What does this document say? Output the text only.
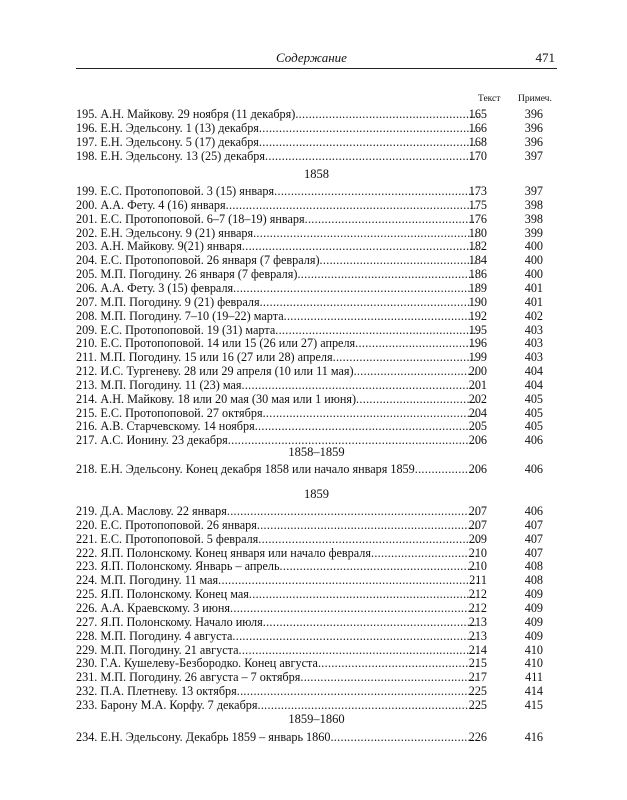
Содержание	471
Текст Примеч.
195. А.Н. Майкову. 29 ноября (11 декабря) .....	165	396
196. Е.Н. Эдельсону. 1 (13) декабря .....	166	396
197. Е.Н. Эдельсону. 5 (17) декабря .....	168	396
198. Е.Н. Эдельсону. 13 (25) декабря .....	170	397
1858
199. Е.С. Протопоповой. 3 (15) января .....	173	397
200. А.А. Фету. 4 (16) января .....	175	398
201. Е.С. Протопоповой. 6–7 (18–19) января .....	176	398
202. Е.Н. Эдельсону. 9 (21) января .....	180	399
203. А.Н. Майкову. 9(21) января .....	182	400
204. Е.С. Протопоповой. 26 января (7 февраля) .....	184	400
205. М.П. Погодину. 26 января (7 февраля) .....	186	400
206. А.А. Фету. 3 (15) февраля .....	189	401
207. М.П. Погодину. 9 (21) февраля .....	190	401
208. М.П. Погодину. 7–10 (19–22) марта .....	192	402
209. Е.С. Протопоповой. 19 (31) марта .....	195	403
210. Е.С. Протопоповой. 14 или 15 (26 или 27) апреля .....	196	403
211. М.П. Погодину. 15 или 16 (27 или 28) апреля .....	199	403
212. И.С. Тургеневу. 28 или 29 апреля (10 или 11 мая) .....	200	404
213. М.П. Погодину. 11 (23) мая .....	201	404
214. А.Н. Майкову. 18 или 20 мая (30 мая или 1 июня) .....	202	405
215. Е.С. Протопоповой. 27 октября .....	204	405
216. А.В. Старчевскому. 14 ноября .....	205	405
217. А.С. Ионину. 23 декабря .....	206	406
1858–1859
218. Е.Н. Эдельсону. Конец декабря 1858 или начало января 1859 .....	206	406
1859
219. Д.А. Маслову. 22 января .....	207	406
220. Е.С. Протопоповой. 26 января .....	207	407
221. Е.С. Протопоповой. 5 февраля .....	209	407
222. Я.П. Полонскому. Конец января или начало февраля .....	210	407
223. Я.П. Полонскому. Январь – апрель .....	210	408
224. М.П. Погодину. 11 мая .....	211	408
225. Я.П. Полонскому. Конец мая .....	212	409
226. А.А. Краевскому. 3 июня .....	212	409
227. Я.П. Полонскому. Начало июля .....	213	409
228. М.П. Погодину. 4 августа .....	213	409
229. М.П. Погодину. 21 августа .....	214	410
230. Г.А. Кушелеву-Безбородко. Конец августа .....	215	410
231. М.П. Погодину. 26 августа – 7 октября .....	217	411
232. П.А. Плетневу. 13 октября .....	225	414
233. Барону М.А. Корфу. 7 декабря .....	225	415
1859–1860
234. Е.Н. Эдельсону. Декабрь 1859 – январь 1860 .....	226	416
